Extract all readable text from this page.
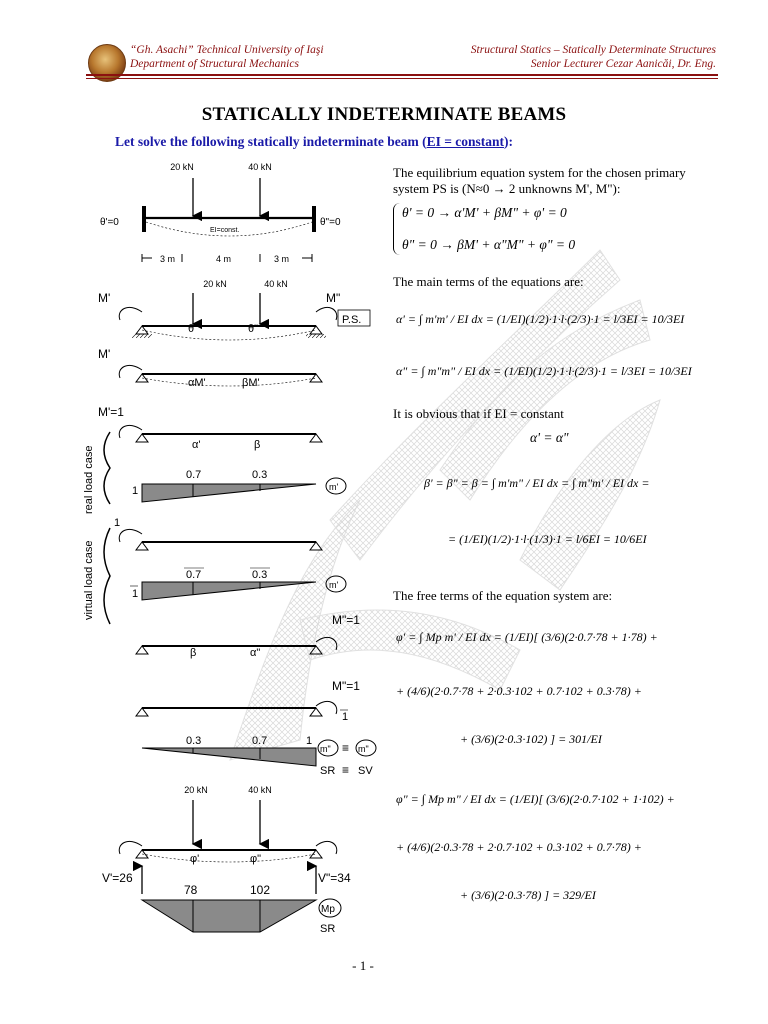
“Gh. Asachi” Technical University of Iaşi
Department of Structural Mechanics
Structural Statics – Statically Determinate Structures
Senior Lecturer Cezar Aanicăi, Dr. Eng.
STATICALLY INDETERMINATE BEAMS
Let solve the following statically indeterminate beam (EI = constant):
20 kN	40 kN
θ'=0	θ"=0
EI=const.
3 m	4 m	3 m
20 kN	40 kN
M'	M"
θ'	θ"
P.S.
M'
αM'	βM'
M'=1
α'	β
real load case	0.7	0.3
1	m'
1
virtual load case	0.7	0.3
1
m'
M"=1
β	α"
M"=1
1
0.3	0.7	1
m" ≡ m"
SR ≡ SV
20 kN	40 kN
φ'	φ"
V'=26	V"=34
78	102
Mp
SR
The equilibrium equation system for the chosen primary system PS is (N≈0 → 2 unknowns M', M"):
θ' = 0 → α'M' + βM" + φ' = 0
θ" = 0 → βM' + α"M" + φ" = 0
The main terms of the equations are:
α' = ∫ m'm' / EI dx = (1/EI)(1/2)·1·l·(2/3)·1 = l/3EI = 10/3EI
α" = ∫ m"m" / EI dx = (1/EI)(1/2)·1·l·(2/3)·1 = l/3EI = 10/3EI
It is obvious that if EI = constant
α' = α"
β' = β" = β = ∫ m'm" / EI dx = ∫ m"m' / EI dx =
= (1/EI)(1/2)·1·l·(1/3)·1 = l/6EI = 10/6EI
The free terms of the equation system are:
φ' = ∫ Mp m' / EI dx = (1/EI)[ (3/6)(2·0.7·78 + 1·78) +
+ (4/6)(2·0.7·78 + 2·0.3·102 + 0.7·102 + 0.3·78) +
+ (3/6)(2·0.3·102) ] = 301/EI
φ" = ∫ Mp m" / EI dx = (1/EI)[ (3/6)(2·0.7·102 + 1·102) +
+ (4/6)(2·0.3·78 + 2·0.7·102 + 0.3·102 + 0.7·78) +
+ (3/6)(2·0.3·78) ] = 329/EI
- 1 -
